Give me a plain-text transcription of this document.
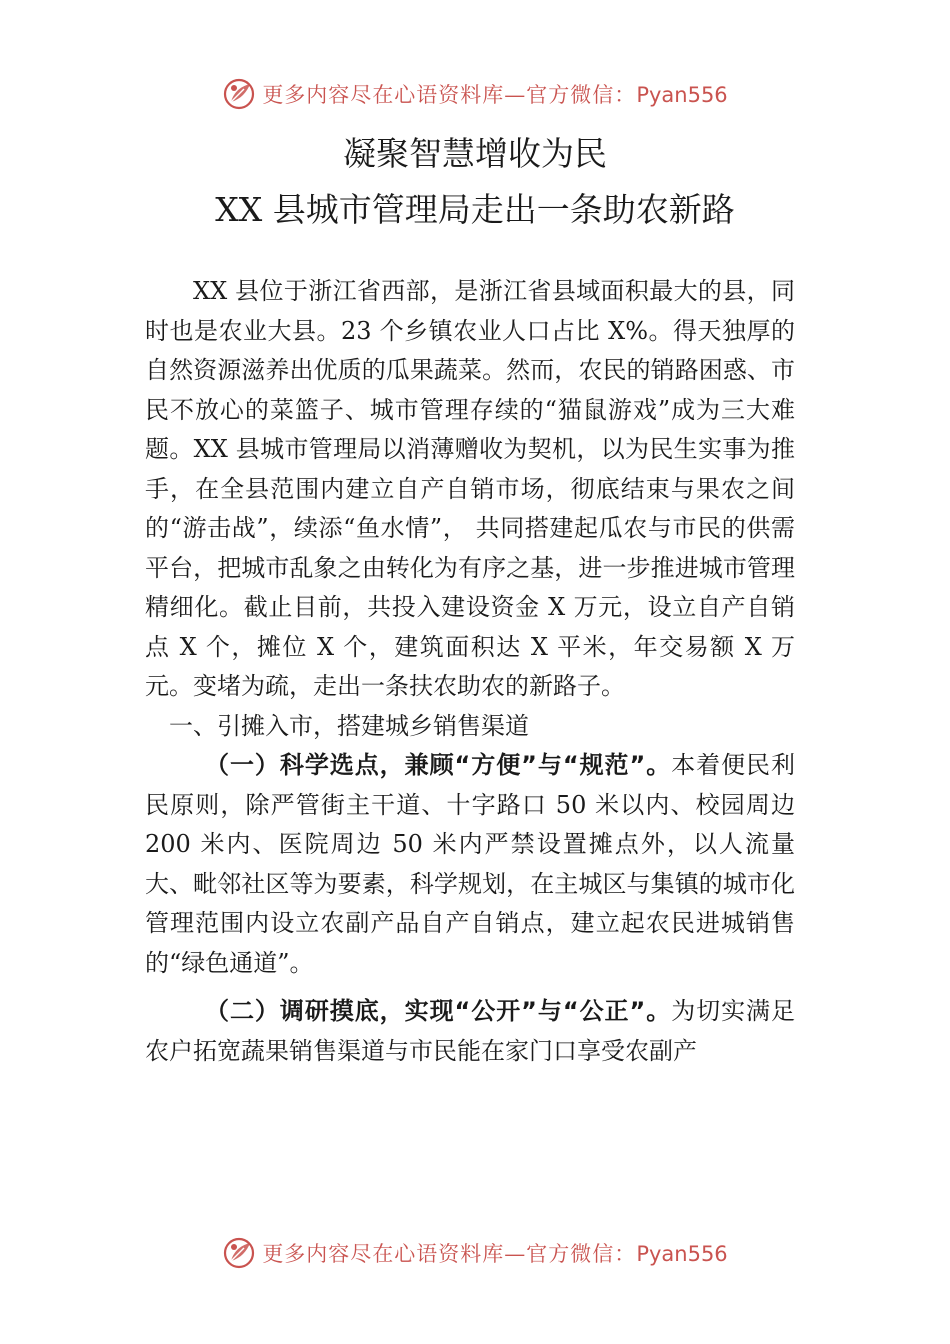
更多内容尽在心语资料库—官方微信：Pyan556
凝聚智慧增收为民
XX 县城市管理局走出一条助农新路

XX 县位于浙江省西部，是浙江省县域面积最大的县，同时也是农业大县。23 个乡镇农业人口占比 X%。得天独厚的自然资源滋养出优质的瓜果蔬菜。然而，农民的销路困惑、市民不放心的菜篮子、城市管理存续的“猫鼠游戏”成为三大难题。XX 县城市管理局以消薄赠收为契机，以为民生实事为推手，在全县范围内建立自产自销市场，彻底结束与果农之间的“游击战”，续添“鱼水情”， 共同搭建起瓜农与市民的供需平台，把城市乱象之由转化为有序之基，进一步推进城市管理精细化。截止目前，共投入建设资金 X 万元，设立自产自销点 X 个，摊位 X 个，建筑面积达 X 平米，年交易额 X 万元。变堵为疏，走出一条扶农助农的新路子。

一、引摊入市，搭建城乡销售渠道

（一）科学选点，兼顾“方便”与“规范”。本着便民利民原则，除严管街主干道、十字路口 50 米以内、校园周边 200 米内、医院周边 50 米内严禁设置摊点外，以人流量大、毗邻社区等为要素，科学规划，在主城区与集镇的城市化管理范围内设立农副产品自产自销点，建立起农民进城销售的“绿色通道”。

（二）调研摸底，实现“公开”与“公正”。为切实满足农户拓宽蔬果销售渠道与市民能在家门口享受农副产

更多内容尽在心语资料库—官方微信：Pyan556
